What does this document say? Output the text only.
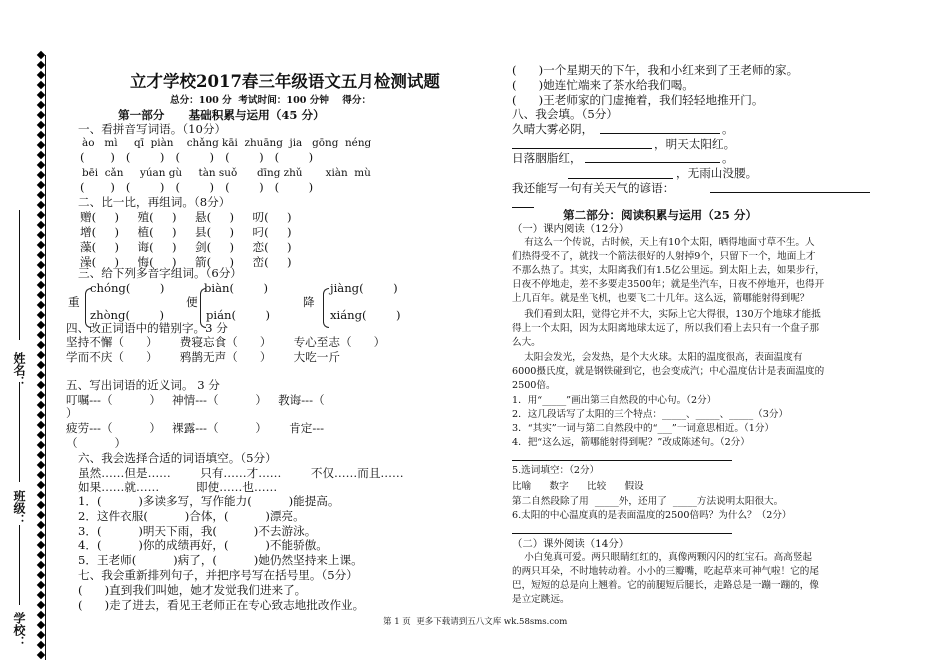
姓名：
班级：
学校：
立才学校2017春三年级语文五月检测试题
总分：100 分  考试时间：100 分钟    得分：
第一部分      基础积累与运用（45 分）
一、看拼音写词语。（10分）
ào   mì     qī  piàn    chǎng kāi  zhuāng  jia   gōng  néng
(       )   (        )   (        )   (        )   (        )
bēi  cǎn     yúan gù     tàn suǒ      dīng zhǔ       xiàn  mù
(       )   (        )   (        )   (        )   (        )
二、比一比，再组词。（8分）
赠(     )     殖(     )     悬(     )     叨(     )
增(     )     植(     )     县(     )     叼(     )
藻(     )     诲(     )     剑(     )     恋(     )
澡(     )     悔(     )     箭(     )     峦(     )
三、给下列多音字组词。（6分）
chóng(        )	biàn(        )	jiàng(        )
重	便	降
zhòng(        )	pián(        )	xiáng(        )
四、改正词语中的错别字。3 分
坚持不懈（      ）      费寝忘食（      ）      专心至志（      ）
学而不庆（      ）      鸦鹊无声（      ）      大吃一斤
五、写出词语的近义词。 3 分
叮嘱---（          ）   神情---（          ）   教诲---（
）
疲劳---（          ）   裸露---（          ）      肯定---
（          ）
六、我会选择合适的词语填空。（5分）
虽然……但是……        只有……才……        不仅……而且……
如果……就……          即使……也……
1．(          )多读多写，写作能力(          )能提高。
2．这件衣服(          )合体，(          )漂亮。
3．(          )明天下雨，我(          )不去游泳。
4．(          )你的成绩再好，(          )不能骄傲。
5．王老师(          )病了，(          )她仍然坚持来上课。
七、我会重新排列句子，并把序号写在括号里。（5分）
(      )直到我们叫她，她才发觉我们进来了。
(      )走了进去，看见王老师正在专心致志地批改作业。
(      )一个星期天的下午，我和小红来到了王老师的家。
(      )她连忙端来了茶水给我们喝。
(      )王老师家的门虚掩着，我们轻轻地推开门。
八、我会填。（5分）
久晴大雾必阴，	。
，明天太阳红。
日落胭脂红，	。
，无雨山没腰。
我还能写一句有关天气的谚语：
第二部分：阅读积累与运用（25 分）
（一）课内阅读（12分）
有这么一个传说，古时候，天上有10个太阳，晒得地面寸草不生。人
们热得受不了，就找一个箭法很好的人射掉9个，只留下一个，地面上才
不那么热了。其实，太阳离我们有1.5亿公里远。到太阳上去，如果步行，
日夜不停地走，差不多要走3500年；就是坐汽车，日夜不停地开，也得开
上几百年。就是坐飞机，也要飞二十几年。这么远，箭哪能射得到呢？
我们看到太阳，觉得它并不大，实际上它大得很，130万个地球才能抵
得上一个太阳，因为太阳离地球太远了，所以我们看上去只有一个盘子那
么大。
太阳会发光，会发热，是个大火球。太阳的温度很高，表面温度有
6000摄氏度，就是钢铁碰到它，也会变成汽；中心温度估计是表面温度的
2500倍。
1．用“_____”画出第三自然段的中心句。（2分）
2．这几段话写了太阳的三个特点：_____、_____、_____（3分）
3．“其实”一词与第二自然段中的“___”一词意思相近。（1分）
4．把“这么远，箭哪能射得到呢？”改成陈述句。（2分）
5.选词填空：（2分）
比喻      数字      比较      假设
第二自然段除了用  _____外，还用了  _____方法说明太阳很大。
6.太阳的中心温度真的是表面温度的2500倍吗？为什么？（2分）
（二）课外阅读（14分）
小白兔真可爱。两只眼睛红红的，真像两颗闪闪的红宝石。高高竖起
的两只耳朵，不时地转动着。小小的三瓣嘴，吃起草来可神气啦！它的尾
巴，短短的总是向上翘着。它的前腿短后腿长，走路总是一蹦一蹦的，像
是立定跳远。
第 1 页  更多下载请到五八文库 wk.58sms.com
